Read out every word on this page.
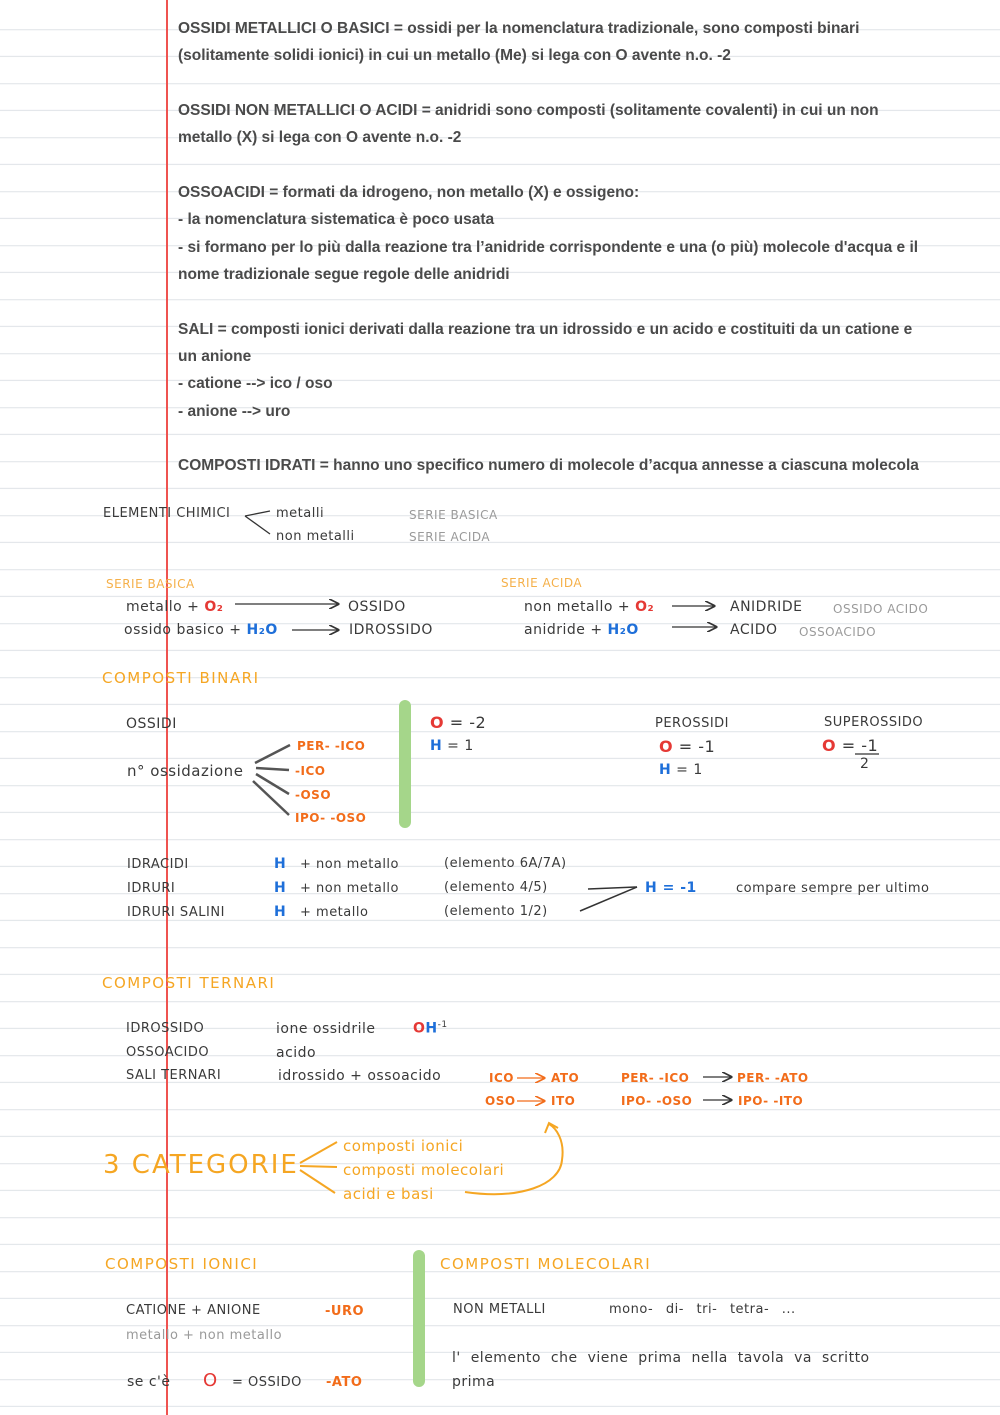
OSSIDI METALLICI O BASICI = ossidi per la nomenclatura tradizionale, sono composti binari
(solitamente solidi ionici) in cui un metallo (Me) si lega con O avente n.o. -2
OSSIDI NON METALLICI O ACIDI = anidridi sono composti (solitamente covalenti) in cui un non
metallo (X) si lega con O avente n.o. -2
OSSOACIDI = formati da idrogeno, non metallo (X) e ossigeno:
- la nomenclatura sistematica è poco usata
- si formano per lo più dalla reazione tra l’anidride corrispondente e una (o più) molecole d'acqua e il
nome tradizionale segue regole delle anidridi
SALI = composti ionici derivati dalla reazione tra un idrossido e un acido e costituiti da un catione e
un anione
- catione --> ico / oso
- anione --> uro
COMPOSTI IDRATI = hanno uno specifico numero di molecole d’acqua annesse a ciascuna molecola
ELEMENTI CHIMICI	metalli
non metalli
SERIE BASICA
SERIE ACIDA
SERIE BASICA	SERIE ACIDA
metallo + O₂	OSSIDO
ossido basico + H₂O	IDROSSIDO
non metallo + O₂	ANIDRIDE	OSSIDO ACIDO
anidride + H₂O	ACIDO OSSOACIDO
COMPOSTI BINARI
OSSIDI
n° ossidazione
PER- -ICO
-ICO
-OSO
IPO- -OSO
O = -2
H = 1
PEROSSIDI
O = -1
H = 1
SUPEROSSIDO
O = -1
2
IDRACIDI	H + non metallo	(elemento 6A/7A)
IDRURI	H + non metallo	(elemento 4/5)
IDRURI SALINI	H + metallo	(elemento 1/2)
H = -1	compare sempre per ultimo
COMPOSTI TERNARI
IDROSSIDO	ione ossidrile	$OH^{-1}$
OSSOACIDO	acido
SALI TERNARI	idrossido + ossoacido	ICO	ATO
OSO	ITO
PER- -ICO	PER- -ATO
IPO- -OSO	IPO- -ITO
3 CATEGORIE
composti ionici
composti molecolari
acidi e basi
COMPOSTI IONICI
CATIONE + ANIONE	-URO
metallo + non metallo
se c'è O = OSSIDO -ATO
COMPOSTI MOLECOLARI
NON METALLI	mono- di- tri- tetra- ...
l' elemento che viene prima nella tavola va scritto
prima
